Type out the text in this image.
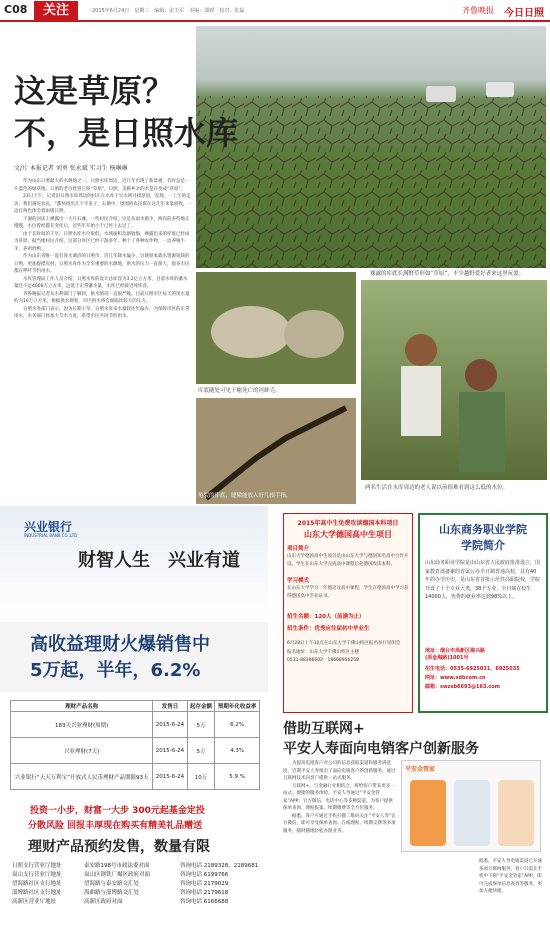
C08	关注	2015年6月24日　星期三　编辑：张玉军　美编：邵媛　校对：张磊	齐鲁晚报 今日日照
这是草原？
不，是日照水库
文/片 本报记者 刘勇 张永斌 实习生 杨琳琳

作为山东日照最大的水源地之一，日照水库周边，近几年出现了新景观，有时总是一片蓝色的绿草地，日照的老百姓管它叫“草原”。日照，美称乡亲的水是在变成“草原”。

23日上午，记者沿日照水库周边的村庄在水库干旱水域寻找原因，发现，一上午的走访，我们遇见农民，“都快找出几个羊来子，石塘中，周围的农民都在这几年来靠放牧，一边打两色体会着雨缓日照。

干涸的河床上裸露出一大片石滩，一些村民介绍，这是从雨水渐少，两次的多些地正慢慢，水位曾经都在变化后，近些年开始小于已经上去过了。

由于长时间的干旱，日照水库水位很低，水域面积急剧收缩，裸露出来的库底已经成为草原。据当地村民介绍，这部分库区已经干涸多年，种上了各种农作物，一边养殖牛羊，养鸡放鸭。

作为山东省唯一没有客水调济的日照市，近几年降水偏少，这使原本就水资源短缺的日照，更加捉襟见肘。日照水库作为全市重要的水源地，供水的压力一直很大，很多市民都在呼吁节约用水。

水库管理局工作人员介绍，日照水库的设计总库容为3.2亿立方米，目前水库的蓄水量还不足4000万立方米，远低于正常蓄水量，水库已经接近死库容。

齐鲁晚报记者从水利部门了解到，供水情况一直很严峻，目前日照市区每天的用水量约为16万立方米，根据供水规划，市区供水将会面临比较大的压力。

日照水务部门表示，因为长期干旱，日照水库来水量较往年偏少，为保障市区的正常用水，水务部门将加大节水力度，希望市民共同节约用水。

裸露的库底长满野草形如“草原”，不少越野爱好者来这里玩耍。
库底随处可见干瘪死亡的河蚌壳。
龟裂的库底，缝隙能放入好几根手指。
两名生活在水库周边的老人说以前很难看到这么低的水位。
兴业银行
INDUSTRIAL BANK CO.,LTD
财智人生　兴业有道
高收益理财火爆销售中
5万起，半年，6.2%
理财产品名称	发售日	起存金额	预期年化收益率
183天兴业理财(周期)	2015-6-24	5万	6.2%
兴业理财(7天)	2015-6-24	5万	4.3%
兴业银行“天天万利宝”开放式人民币理财产品期限93天	2015-6-24	10万	5.9 %
投资一小步，财富一大步 300元起基金定投
分散风险 回报丰厚现在购买有精美礼品赠送
理财产品预约发售，数量有限
日照支行营业厅地址	泰安路198号市政法委对面	咨询电话 2189328、2189681
岚山支行营业厅地址	岚山区钢铁厂爆区政府对面	咨询电话 6199766
望海路社区支行地址	望海路与泰安路交汇处	咨询电话 2179029
淄博路社区支行地址	海曲路与淄博路交汇处	咨询电话 2179618
高新区营业厅地址	高新区政府对面	咨询电话 6166688
2015年高中生免费攻读德国本科项目
山东大学德国高中生项目
项目简介
山东大学德国高中生项目是由山东大学与德国知名高中合作开设。学生在山东大学完成高中课程后赴德国攻读本科。
学习模式
在山东大学学习一年德语及高中课程，学生在德国高中学习获得德国高中毕业证书。
招生名额：120人（前满为止）
招生条件：优秀应往届初中毕业生
6月28日上午10点在山东大学千佛山校区报名举行说明会
报名地址：山东大学千佛山校区主楼
0531-88396602　18668956258
山东商务职业学院
学院简介
山东商务职业学院是由山东省人民政府批准设立，国家教育部备案的省属公办全日制普通高校，具有40年的办学历史，是山东省首批示范性高职院校，学院开设了十个专业大类，38个专业，全日制在校生14000人，优秀的就业率达到98%以上。
地址：烟台市高新区海兴路
(原金海路)1001号
招生电话：0535-6925031、6925035
网址：www.sdbcom.cn
邮箱：swzsb6693@163.com
借助互联网+
平安人寿面向电销客户创新服务

为提高电销客户对公司的信息获取渠道和服务满意度，近期平安人寿推出了面向电销客户的创新服务，通过互联网技术向客户提供一站式服务。

互联网+，与金融行业相结合，将给客户带来更多一站式、便捷的服务体验。平安人寿通过“平安金管家”APP、官方微信、电话中心等多种渠道，为客户提供保单查询、理赔报案、续期缴费等全方位服务。

据悉，客户可通过手机扫描二维码关注“平安人寿”官方微信，即可享受保单查询、在线理赔、续期交费等多项服务，随时随地轻松办理业务。

平安金管家
据悉，平安人寿电销渠道已开通多项互联网服务，客户只需在手机中下载“平安金管家”APP，即可完成保单信息查询等服务，更加方便快捷。
